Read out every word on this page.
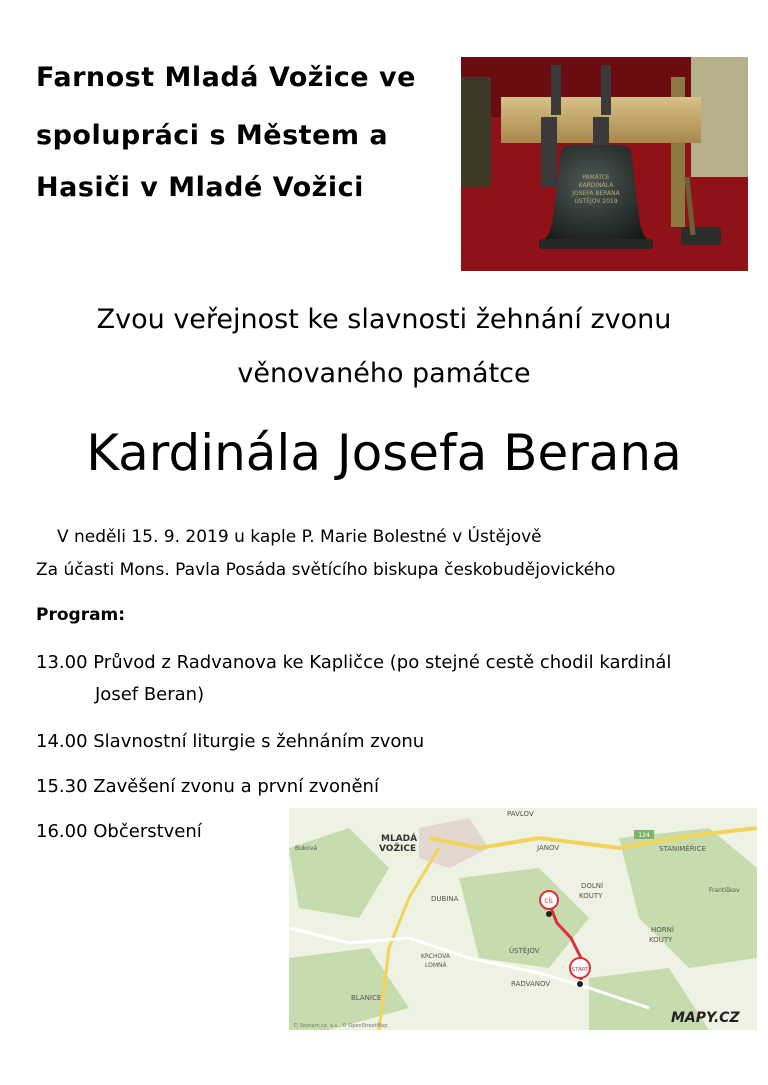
Farnost Mladá Vožice ve
spolupráci s Městem a
Hasiči v Mladé Vožici	PAMÁTCE
KARDINÁLA
JOSEFA BERANA
ÚSTĚJOV 2019
Zvou veřejnost ke slavnosti žehnání zvonu
věnovaného památce
Kardinála Josefa Berana
V neděli 15. 9. 2019 u kaple P. Marie Bolestné v Ústějově
Za účasti Mons. Pavla Posáda světícího biskupa českobudějovického
Program:
13.00 Průvod z Radvanova ke Kapličce (po stejné cestě chodil kardinál
Josef Beran)
14.00 Slavnostní liturgie s žehnáním zvonu
15.30 Zavěšení zvonu a první zvonění
16.00 Občerstvení	124
CÍL
START
MLADÁ
VOŽICE
PAVLOV
JANOV	STANIMĚŘICE
Františkov
Buková
DUBINA
DOLNÍ
KOUTY
HORNÍ
KOUTY
ÚSTĚJOV
KRCHOVA
LOMNÁ
RADVANOV
BLANICE
© Seznam.cz, a.s., © OpenStreetMap	MAPY.CZ
